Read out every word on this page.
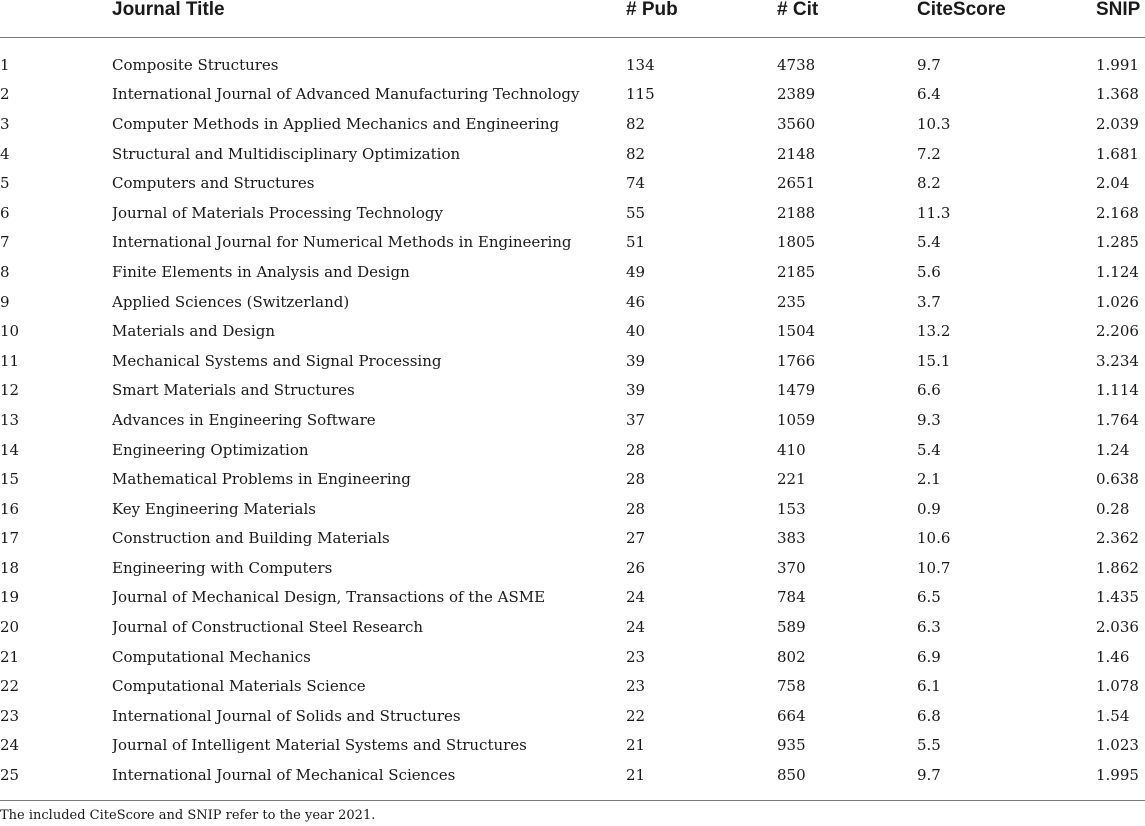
	Journal Title	# Pub	# Cit	CiteScore	SNIP
1	Composite Structures	134	4738	9.7	1.991
2	International Journal of Advanced Manufacturing Technology	115	2389	6.4	1.368
3	Computer Methods in Applied Mechanics and Engineering	82	3560	10.3	2.039
4	Structural and Multidisciplinary Optimization	82	2148	7.2	1.681
5	Computers and Structures	74	2651	8.2	2.04
6	Journal of Materials Processing Technology	55	2188	11.3	2.168
7	International Journal for Numerical Methods in Engineering	51	1805	5.4	1.285
8	Finite Elements in Analysis and Design	49	2185	5.6	1.124
9	Applied Sciences (Switzerland)	46	235	3.7	1.026
10	Materials and Design	40	1504	13.2	2.206
11	Mechanical Systems and Signal Processing	39	1766	15.1	3.234
12	Smart Materials and Structures	39	1479	6.6	1.114
13	Advances in Engineering Software	37	1059	9.3	1.764
14	Engineering Optimization	28	410	5.4	1.24
15	Mathematical Problems in Engineering	28	221	2.1	0.638
16	Key Engineering Materials	28	153	0.9	0.28
17	Construction and Building Materials	27	383	10.6	2.362
18	Engineering with Computers	26	370	10.7	1.862
19	Journal of Mechanical Design, Transactions of the ASME	24	784	6.5	1.435
20	Journal of Constructional Steel Research	24	589	6.3	2.036
21	Computational Mechanics	23	802	6.9	1.46
22	Computational Materials Science	23	758	6.1	1.078
23	International Journal of Solids and Structures	22	664	6.8	1.54
24	Journal of Intelligent Material Systems and Structures	21	935	5.5	1.023
25	International Journal of Mechanical Sciences	21	850	9.7	1.995
The included CiteScore and SNIP refer to the year 2021.
